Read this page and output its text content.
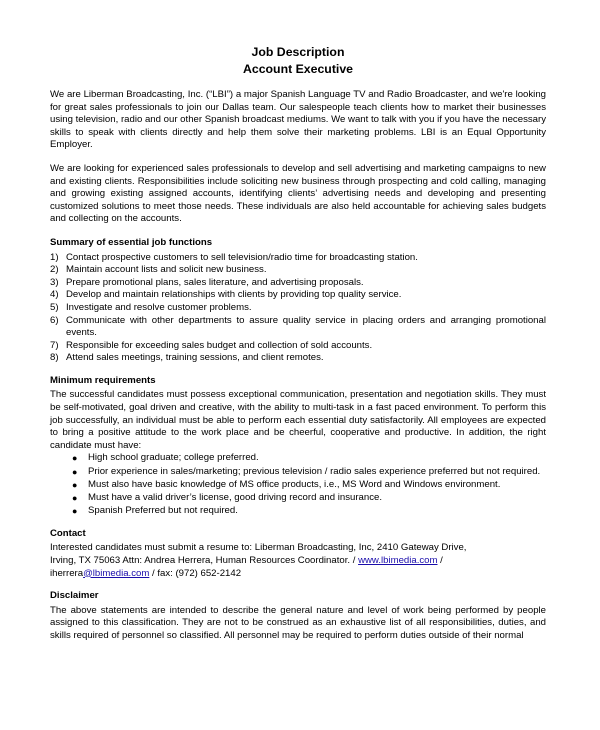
Job Description
Account Executive

We are Liberman Broadcasting, Inc. (“LBI”) a major Spanish Language TV and Radio Broadcaster, and we're looking for great sales professionals to join our Dallas team. Our salespeople teach clients how to market their businesses using television, radio and our other Spanish broadcast mediums. We want to talk with you if you have the necessary skills to speak with clients directly and help them solve their marketing problems. LBI is an Equal Opportunity Employer.

We are looking for experienced sales professionals to develop and sell advertising and marketing campaigns to new and existing clients. Responsibilities include soliciting new business through prospecting and cold calling, managing and growing existing assigned accounts, identifying clients’ advertising needs and developing and presenting customized solutions to meet those needs. These individuals are also held accountable for achieving sales budgets and collecting on the accounts.

Summary of essential job functions
1) Contact prospective customers to sell television/radio time for broadcasting station.
2) Maintain account lists and solicit new business.
3) Prepare promotional plans, sales literature, and advertising proposals.
4) Develop and maintain relationships with clients by providing top quality service.
5) Investigate and resolve customer problems.
6) Communicate with other departments to assure quality service in placing orders and arranging promotional events.
7) Responsible for exceeding sales budget and collection of sold accounts.
8) Attend sales meetings, training sessions, and client remotes.
Minimum requirements

The successful candidates must possess exceptional communication, presentation and negotiation skills. They must be self-motivated, goal driven and creative, with the ability to multi-task in a fast paced environment. To perform this job successfully, an individual must be able to perform each essential duty satisfactorily. All employees are expected to bring a positive attitude to the work place and be cheerful, cooperative and productive. In addition, the right candidate must have:

● High school graduate; college preferred.
● Prior experience in sales/marketing; previous television / radio sales experience preferred but not required.
● Must also have basic knowledge of MS office products, i.e., MS Word and Windows environment.
● Must have a valid driver’s license, good driving record and insurance.
● Spanish Preferred but not required.
Contact
Interested candidates must submit a resume to: Liberman Broadcasting, Inc, 2410 Gateway Drive,
Irving, TX 75063 Attn: Andrea Herrera, Human Resources Coordinator. / www.lbimedia.com /
iherrera@lbimedia.com / fax: (972) 652-2142
Disclaimer

The above statements are intended to describe the general nature and level of work being performed by people assigned to this classification. They are not to be construed as an exhaustive list of all responsibilities, duties, and skills required of personnel so classified. All personnel may be required to perform duties outside of their normal
